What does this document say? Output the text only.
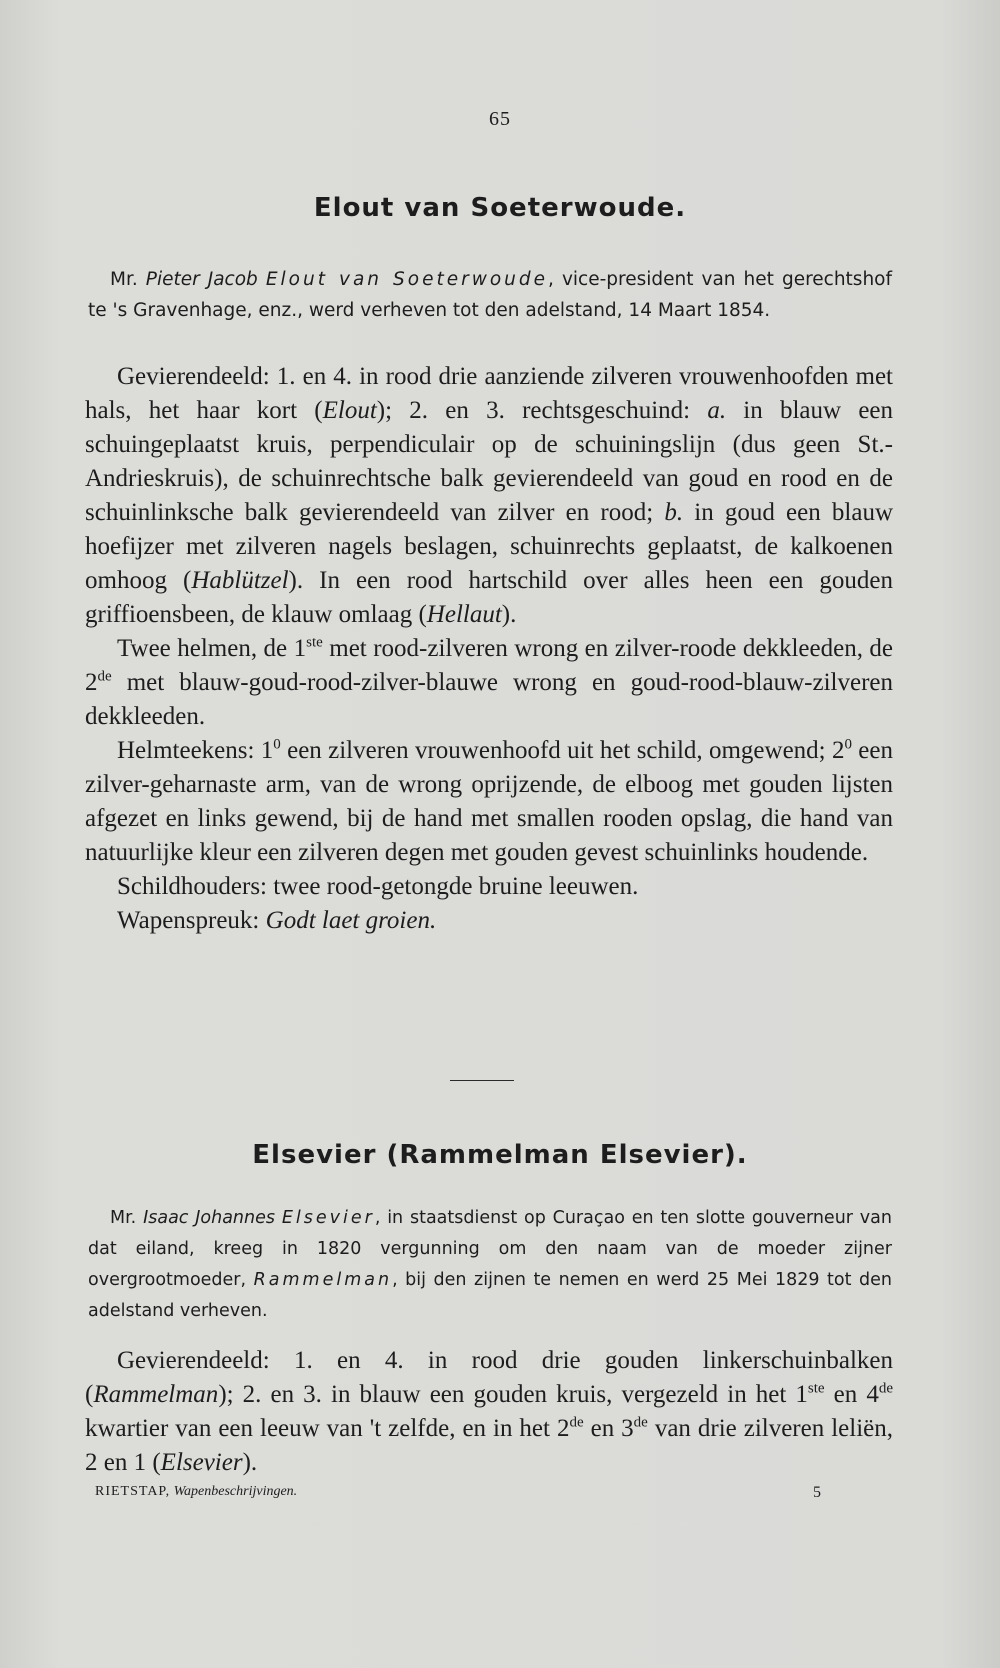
65
Elout van Soeterwoude.

Mr. Pieter Jacob Elout van Soeterwoude, vice-president van het gerechtshof te 's Gravenhage, enz., werd verheven tot den adelstand, 14 Maart 1854.

Gevierendeeld: 1. en 4. in rood drie aanziende zilveren vrouwenhoofden met hals, het haar kort (Elout); 2. en 3. rechtsgeschuind: a. in blauw een schuingeplaatst kruis, perpendiculair op de schuiningslijn (dus geen St.-Andrieskruis), de schuinrechtsche balk gevierendeeld van goud en rood en de schuinlinksche balk gevierendeeld van zilver en rood; b. in goud een blauw hoefijzer met zilveren nagels beslagen, schuinrechts geplaatst, de kalkoenen omhoog (Hablützel). In een rood hartschild over alles heen een gouden griffioensbeen, de klauw omlaag (Hellaut).

Twee helmen, de 1ste met rood-zilveren wrong en zilver-roode dekkleeden, de 2de met blauw-goud-rood-zilver-blauwe wrong en goud-rood-blauw-zilveren dekkleeden.

Helmteekens: $1^0$ een zilveren vrouwenhoofd uit het schild, omgewend; $2^0$ een zilver-geharnaste arm, van de wrong oprijzende, de elboog met gouden lijsten afgezet en links gewend, bij de hand met smallen rooden opslag, die hand van natuurlijke kleur een zilveren degen met gouden gevest schuinlinks houdende.

Schildhouders: twee rood-getongde bruine leeuwen.

Wapenspreuk: Godt laet groien.

Elsevier (Rammelman Elsevier).

Mr. Isaac Johannes Elsevier, in staatsdienst op Curaçao en ten slotte gouverneur van dat eiland, kreeg in 1820 vergunning om den naam van de moeder zijner overgrootmoeder, Rammelman, bij den zijnen te nemen en werd 25 Mei 1829 tot den adelstand verheven.

Gevierendeeld: 1. en 4. in rood drie gouden linkerschuinbalken (Rammelman); 2. en 3. in blauw een gouden kruis, vergezeld in het 1ste en 4de kwartier van een leeuw van 't zelfde, en in het 2de en 3de van drie zilveren leliën, 2 en 1 (Elsevier).

RIETSTAP, Wapenbeschrijvingen.	5
